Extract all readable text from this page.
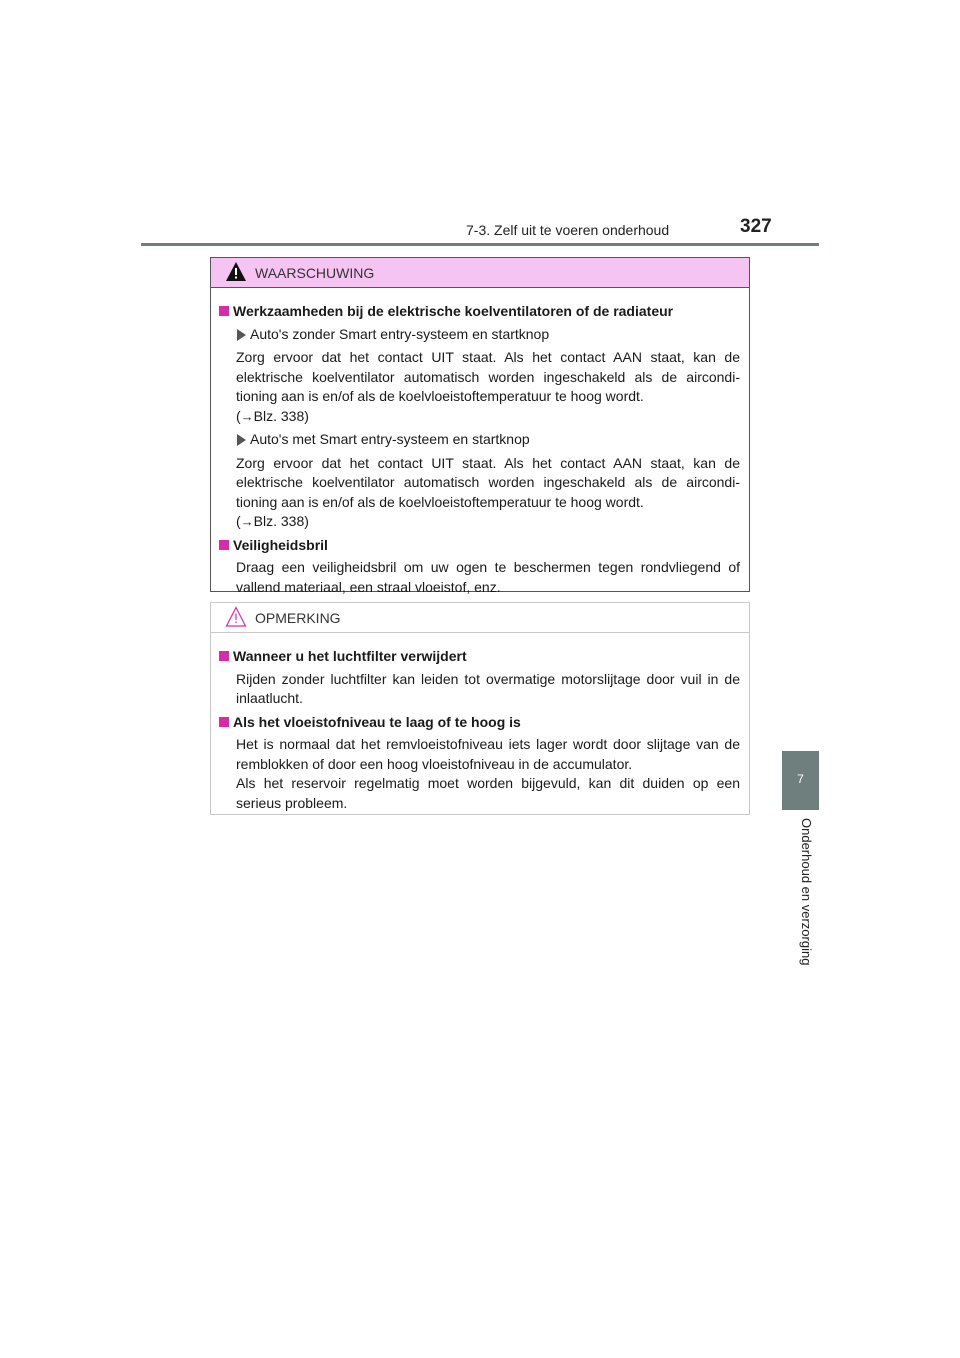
7-3. Zelf uit te voeren onderhoud	327
7
Onderhoud en verzorging
WAARSCHUWING

Werkzaamheden bij de elektrische koelventilatoren of de radiateur

Auto's zonder Smart entry-systeem en startknop

Zorg ervoor dat het contact UIT staat. Als het contact AAN staat, kan de elektrische koelventilator automatisch worden ingeschakeld als de aircondi-tioning aan is en/of als de koelvloeistoftemperatuur te hoog wordt.
(→Blz. 338)

Auto's met Smart entry-systeem en startknop

Zorg ervoor dat het contact UIT staat. Als het contact AAN staat, kan de elektrische koelventilator automatisch worden ingeschakeld als de aircondi-tioning aan is en/of als de koelvloeistoftemperatuur te hoog wordt.
(→Blz. 338)

Veiligheidsbril

Draag een veiligheidsbril om uw ogen te beschermen tegen rondvliegend of vallend materiaal, een straal vloeistof, enz.

OPMERKING

Wanneer u het luchtfilter verwijdert

Rijden zonder luchtfilter kan leiden tot overmatige motorslijtage door vuil in de inlaatlucht.

Als het vloeistofniveau te laag of te hoog is

Het is normaal dat het remvloeistofniveau iets lager wordt door slijtage van de remblokken of door een hoog vloeistofniveau in de accumulator.
Als het reservoir regelmatig moet worden bijgevuld, kan dit duiden op een serieus probleem.
